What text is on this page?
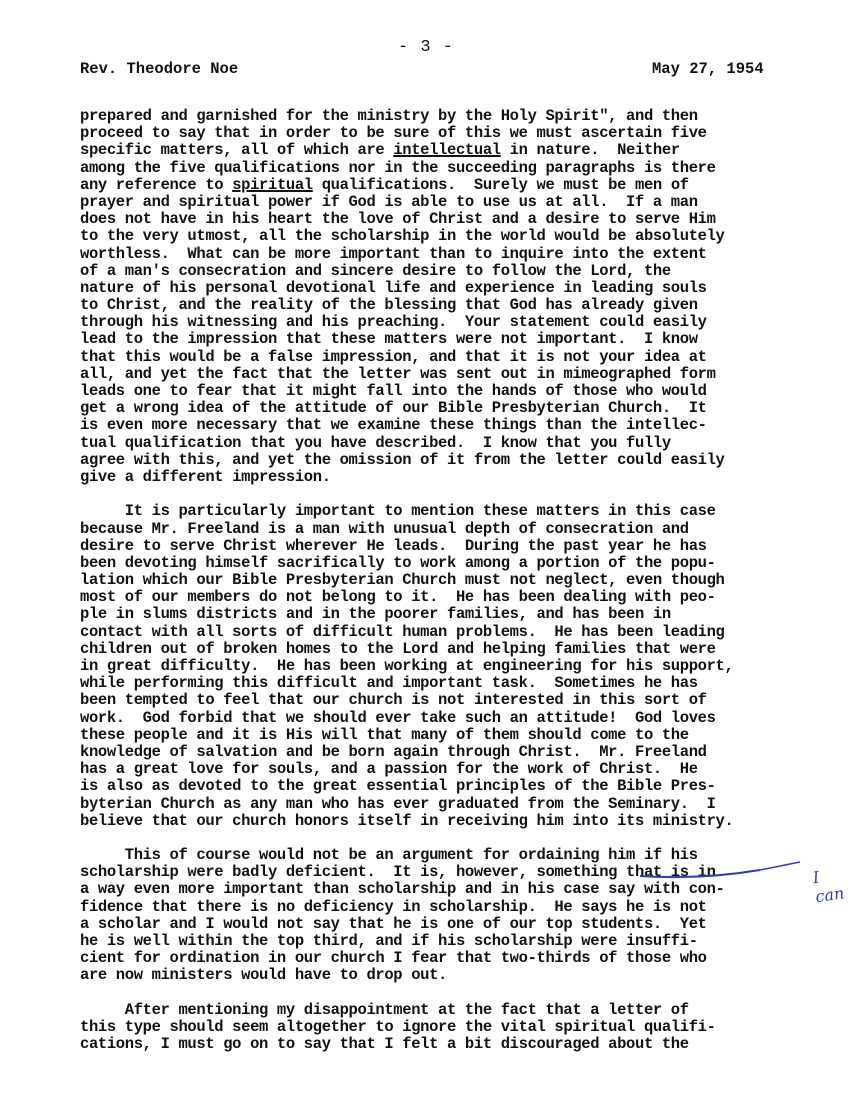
- 3 -
Rev. Theodore Noe	May 27, 1954
prepared and garnished for the ministry by the Holy Spirit", and then
proceed to say that in order to be sure of this we must ascertain five
specific matters, all of which are intellectual in nature.  Neither
among the five qualifications nor in the succeeding paragraphs is there
any reference to spiritual qualifications.  Surely we must be men of
prayer and spiritual power if God is able to use us at all.  If a man
does not have in his heart the love of Christ and a desire to serve Him
to the very utmost, all the scholarship in the world would be absolutely
worthless.  What can be more important than to inquire into the extent
of a man's consecration and sincere desire to follow the Lord, the
nature of his personal devotional life and experience in leading souls
to Christ, and the reality of the blessing that God has already given
through his witnessing and his preaching.  Your statement could easily
lead to the impression that these matters were not important.  I know
that this would be a false impression, and that it is not your idea at
all, and yet the fact that the letter was sent out in mimeographed form
leads one to fear that it might fall into the hands of those who would
get a wrong idea of the attitude of our Bible Presbyterian Church.  It
is even more necessary that we examine these things than the intellec-
tual qualification that you have described.  I know that you fully
agree with this, and yet the omission of it from the letter could easily
give a different impression.
It is particularly important to mention these matters in this case
because Mr. Freeland is a man with unusual depth of consecration and
desire to serve Christ wherever He leads.  During the past year he has
been devoting himself sacrifically to work among a portion of the popu-
lation which our Bible Presbyterian Church must not neglect, even though
most of our members do not belong to it.  He has been dealing with peo-
ple in slums districts and in the poorer families, and has been in
contact with all sorts of difficult human problems.  He has been leading
children out of broken homes to the Lord and helping families that were
in great difficulty.  He has been working at engineering for his support,
while performing this difficult and important task.  Sometimes he has
been tempted to feel that our church is not interested in this sort of
work.  God forbid that we should ever take such an attitude!  God loves
these people and it is His will that many of them should come to the
knowledge of salvation and be born again through Christ.  Mr. Freeland
has a great love for souls, and a passion for the work of Christ.  He
is also as devoted to the great essential principles of the Bible Pres-
byterian Church as any man who has ever graduated from the Seminary.  I
believe that our church honors itself in receiving him into its ministry.
This of course would not be an argument for ordaining him if his
scholarship were badly deficient.  It is, however, something that is in
a way even more important than scholarship and in his case say with con-
fidence that there is no deficiency in scholarship.  He says he is not
a scholar and I would not say that he is one of our top students.  Yet
he is well within the top third, and if his scholarship were insuffi-
cient for ordination in our church I fear that two-thirds of those who
are now ministers would have to drop out.
After mentioning my disappointment at the fact that a letter of
this type should seem altogether to ignore the vital spiritual qualifi-
cations, I must go on to say that I felt a bit discouraged about the
I can
